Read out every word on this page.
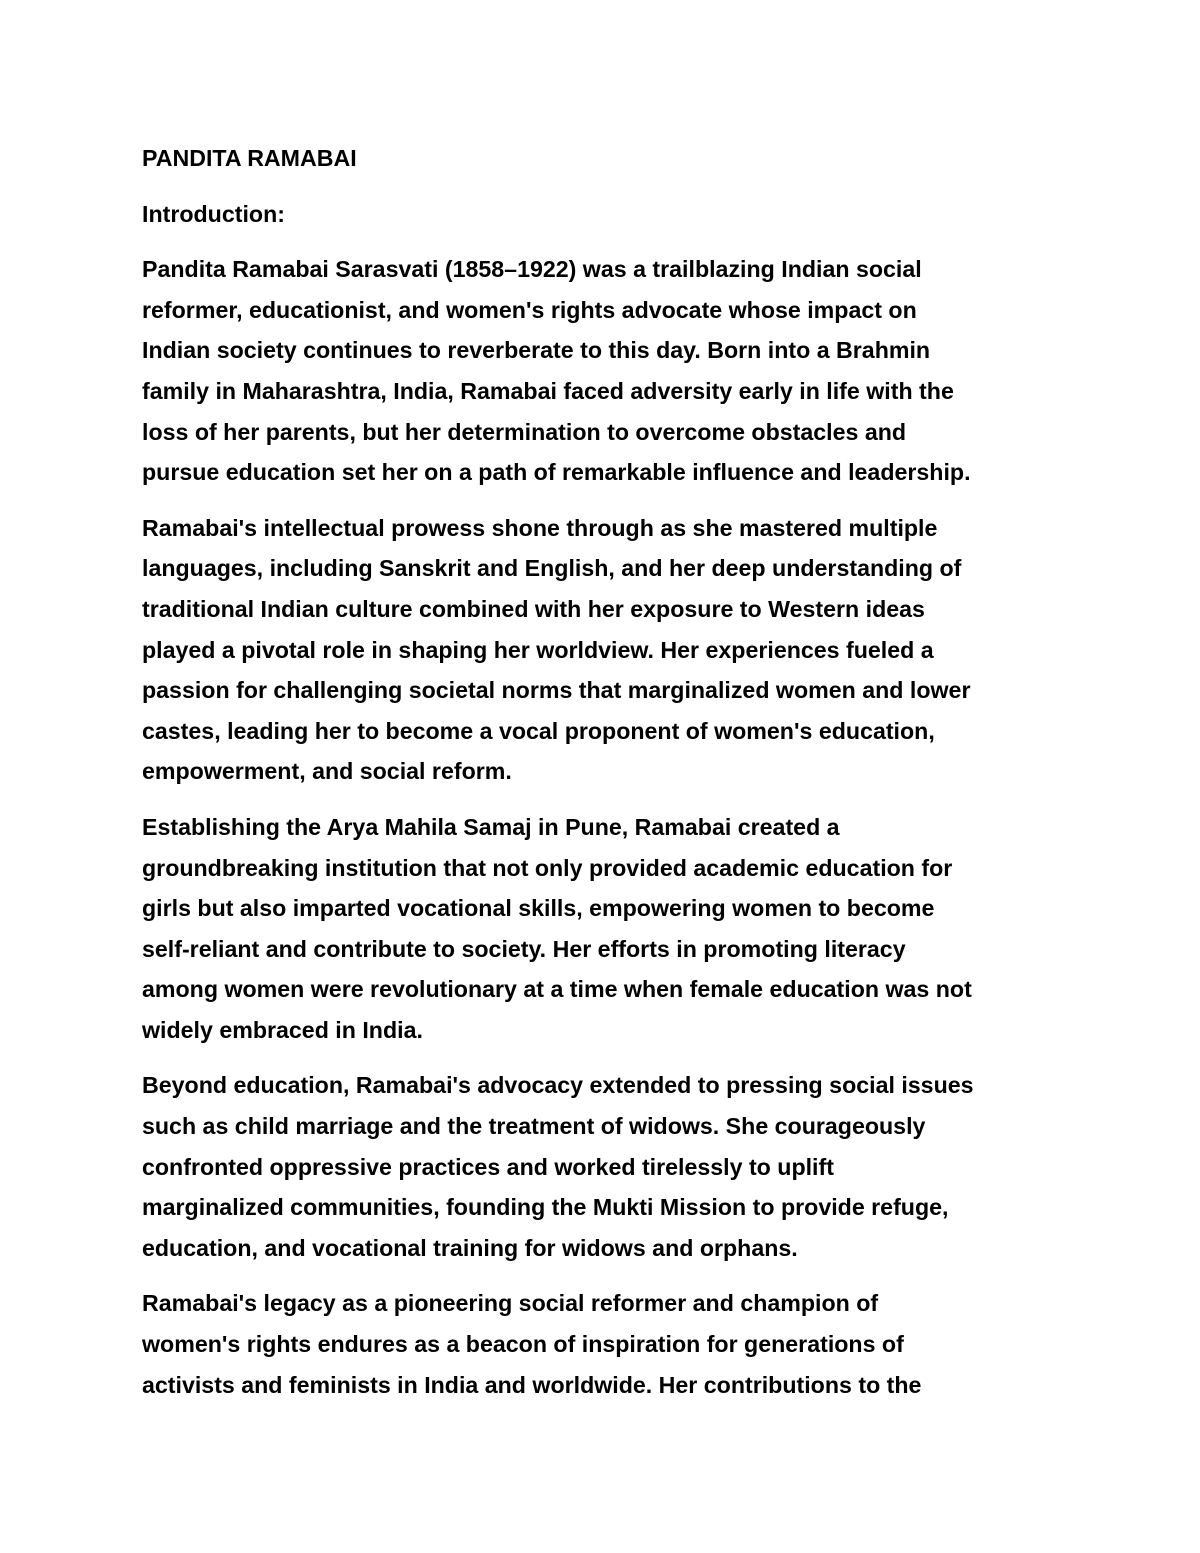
PANDITA RAMABAI

Introduction:

Pandita Ramabai Sarasvati (1858–1922) was a trailblazing Indian social
reformer, educationist, and women's rights advocate whose impact on
Indian society continues to reverberate to this day. Born into a Brahmin
family in Maharashtra, India, Ramabai faced adversity early in life with the
loss of her parents, but her determination to overcome obstacles and
pursue education set her on a path of remarkable influence and leadership.

Ramabai's intellectual prowess shone through as she mastered multiple
languages, including Sanskrit and English, and her deep understanding of
traditional Indian culture combined with her exposure to Western ideas
played a pivotal role in shaping her worldview. Her experiences fueled a
passion for challenging societal norms that marginalized women and lower
castes, leading her to become a vocal proponent of women's education,
empowerment, and social reform.

Establishing the Arya Mahila Samaj in Pune, Ramabai created a
groundbreaking institution that not only provided academic education for
girls but also imparted vocational skills, empowering women to become
self-reliant and contribute to society. Her efforts in promoting literacy
among women were revolutionary at a time when female education was not
widely embraced in India.

Beyond education, Ramabai's advocacy extended to pressing social issues
such as child marriage and the treatment of widows. She courageously
confronted oppressive practices and worked tirelessly to uplift
marginalized communities, founding the Mukti Mission to provide refuge,
education, and vocational training for widows and orphans.

Ramabai's legacy as a pioneering social reformer and champion of
women's rights endures as a beacon of inspiration for generations of
activists and feminists in India and worldwide. Her contributions to the
